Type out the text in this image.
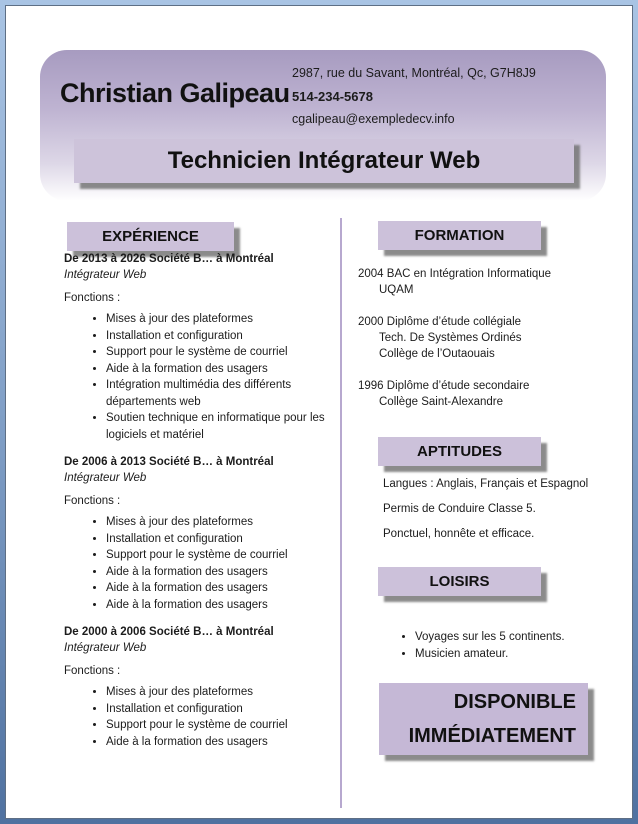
Christian Galipeau
2987, rue du Savant, Montréal, Qc, G7H8J9
514-234-5678
cgalipeau@exempledecv.info
Technicien Intégrateur Web
EXPÉRIENCE
De 2013 à 2026 Société B… à Montréal
Intégrateur Web
Fonctions :
• Mises à jour des plateformes
• Installation et configuration
• Support pour le système de courriel
• Aide à la formation des usagers
• Intégration multimédia des différents départements web
• Soutien technique en informatique pour les logiciels et matériel
De 2006 à 2013 Société B… à Montréal
Intégrateur Web
Fonctions :
• Mises à jour des plateformes
• Installation et configuration
• Support pour le système de courriel
• Aide à la formation des usagers
• Aide à la formation des usagers
• Aide à la formation des usagers
De 2000 à 2006 Société B… à Montréal
Intégrateur Web
Fonctions :
• Mises à jour des plateformes
• Installation et configuration
• Support pour le système de courriel
• Aide à la formation des usagers
FORMATION
2004 BAC en Intégration Informatique
UQAM
2000 Diplôme d’étude collégiale
Tech. De Systèmes Ordinés
Collège de l’Outaouais
1996 Diplôme d’étude secondaire
Collège Saint-Alexandre
APTITUDES
Langues : Anglais, Français et Espagnol
Permis de Conduire Classe 5.
Ponctuel, honnête et efficace.
LOISIRS
• Voyages sur les 5 continents.
• Musicien amateur.
DISPONIBLE
IMMÉDIATEMENT
